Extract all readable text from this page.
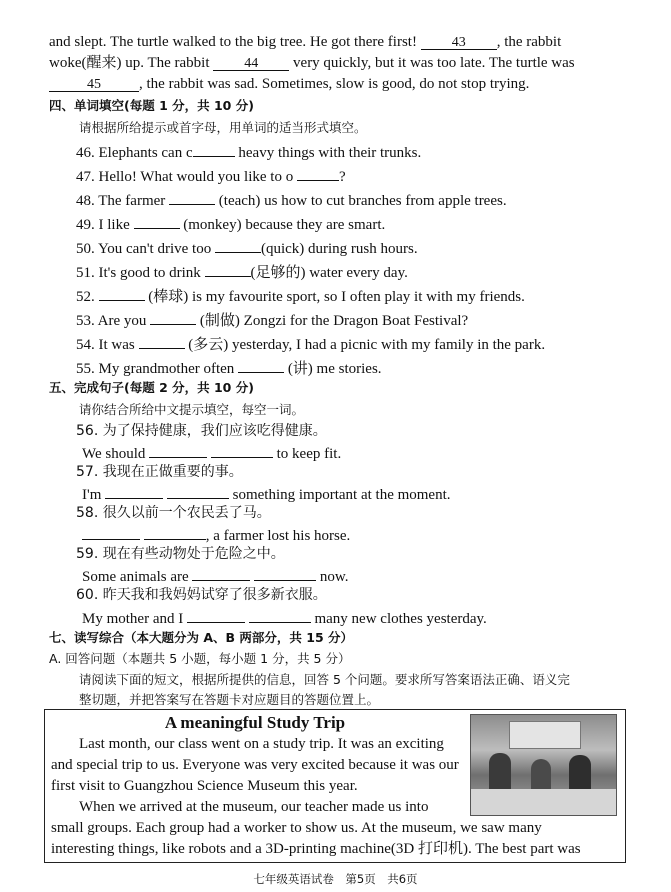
and slept. The turtle walked to the big tree. He got there first! 43 , the rabbit
woke(醒来) up. The rabbit 44 very quickly, but it was too late. The turtle was
45	, the rabbit was sad. Sometimes, slow is good, do not stop trying.
四、单词填空(每题 1 分，共 10 分)
请根据所给提示或首字母，用单词的适当形式填空。
46. Elephants can c	heavy things with their trunks.
47. Hello! What would you like to o	?
48. The farmer	(teach) us how to cut branches from apple trees.
49. I like	(monkey) because they are smart.
50. You can't drive too	(quick) during rush hours.
51. It's good to drink	(足够的) water every day.
52.	(棒球) is my favourite sport, so I often play it with my friends.
53. Are you	(制做) Zongzi for the Dragon Boat Festival?
54. It was	(多云) yesterday, I had a picnic with my family in the park.
55. My grandmother often	(讲) me stories.
五、完成句子(每题 2 分，共 10 分)
请你结合所给中文提示填空，每空一词。
56. 为了保持健康，我们应该吃得健康。
We should	to keep fit.
57. 我现在正做重要的事。
I'm	something important at the moment.
58. 很久以前一个农民丢了马。
, a farmer lost his horse.
59. 现在有些动物处于危险之中。
Some animals are	now.
60. 昨天我和我妈妈试穿了很多新衣服。
My mother and I	many new clothes yesterday.
七、读写综合（本大题分为 A、B 两部分，共 15 分）
A. 回答问题（本题共 5 小题，每小题 1 分，共 5 分）
请阅读下面的短文，根据所提供的信息，回答 5 个问题。要求所写答案语法正确、语义完
整切题，并把答案写在答题卡对应题目的答题位置上。
A meaningful Study Trip
Last month, our class went on a study trip. It was an exciting
and special trip to us. Everyone was very excited because it was our
first visit to Guangzhou Science Museum this year.
When we arrived at the museum, our teacher made us into
small groups. Each group had a worker to show us. At the museum, we saw many
interesting things, like robots and a 3D-printing machine(3D 打印机). The best part was
七年级英语试卷　第5页　共6页
